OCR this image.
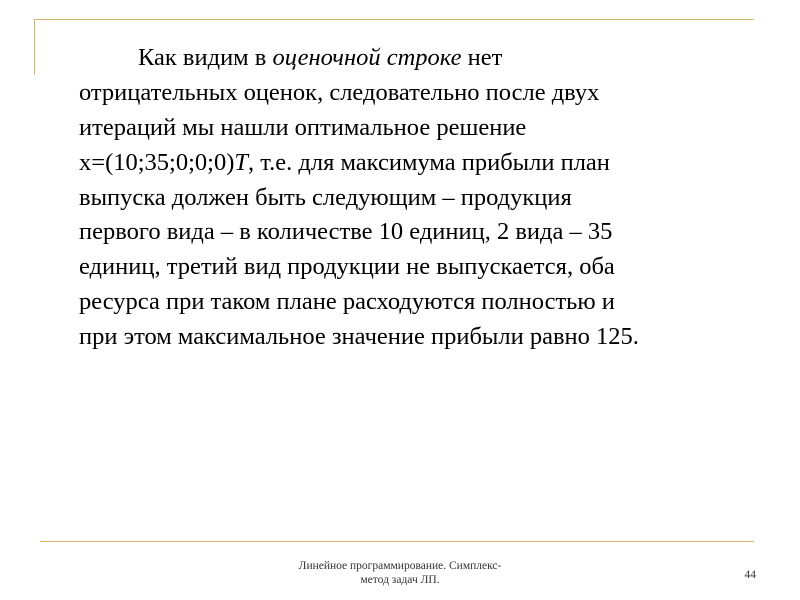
Как видим в оценочной строке нет
отрицательных оценок, следовательно после двух
итераций мы нашли оптимальное решение
x=(10;35;0;0;0)T, т.е. для максимума прибыли план
выпуска должен быть следующим – продукция
первого вида – в количестве 10 единиц, 2 вида – 35
единиц, третий вид продукции не выпускается, оба
ресурса при таком плане расходуются полностью и
при этом максимальное значение прибыли равно 125.
Линейное программирование. Симплекс-
метод задач ЛП.	44
